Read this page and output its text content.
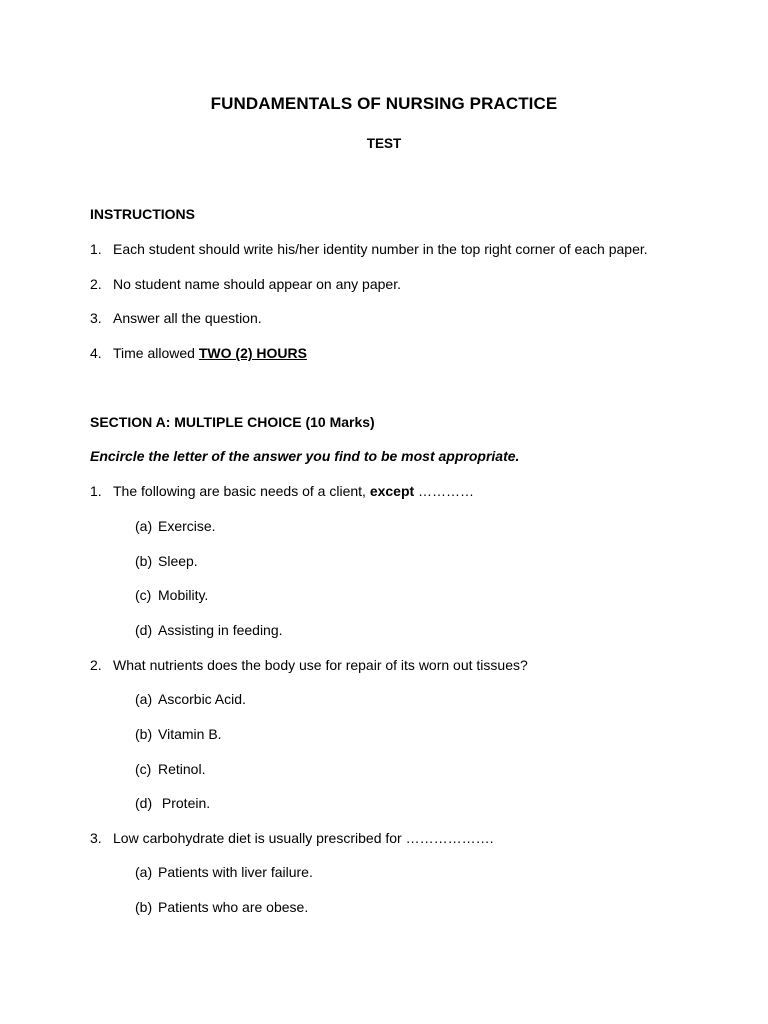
FUNDAMENTALS OF NURSING PRACTICE
TEST
INSTRUCTIONS
1. Each student should write his/her identity number in the top right corner of each paper.
2. No student name should appear on any paper.
3. Answer all the question.
4. Time allowed TWO (2) HOURS
SECTION A: MULTIPLE CHOICE (10 Marks)
Encircle the letter of the answer you find to be most appropriate.
1. The following are basic needs of a client, except …………
(a) Exercise.
(b) Sleep.
(c) Mobility.
(d) Assisting in feeding.
2. What nutrients does the body use for repair of its worn out tissues?
(a) Ascorbic Acid.
(b) Vitamin B.
(c) Retinol.
(d) Protein.
3. Low carbohydrate diet is usually prescribed for ……………….
(a) Patients with liver failure.
(b) Patients who are obese.
